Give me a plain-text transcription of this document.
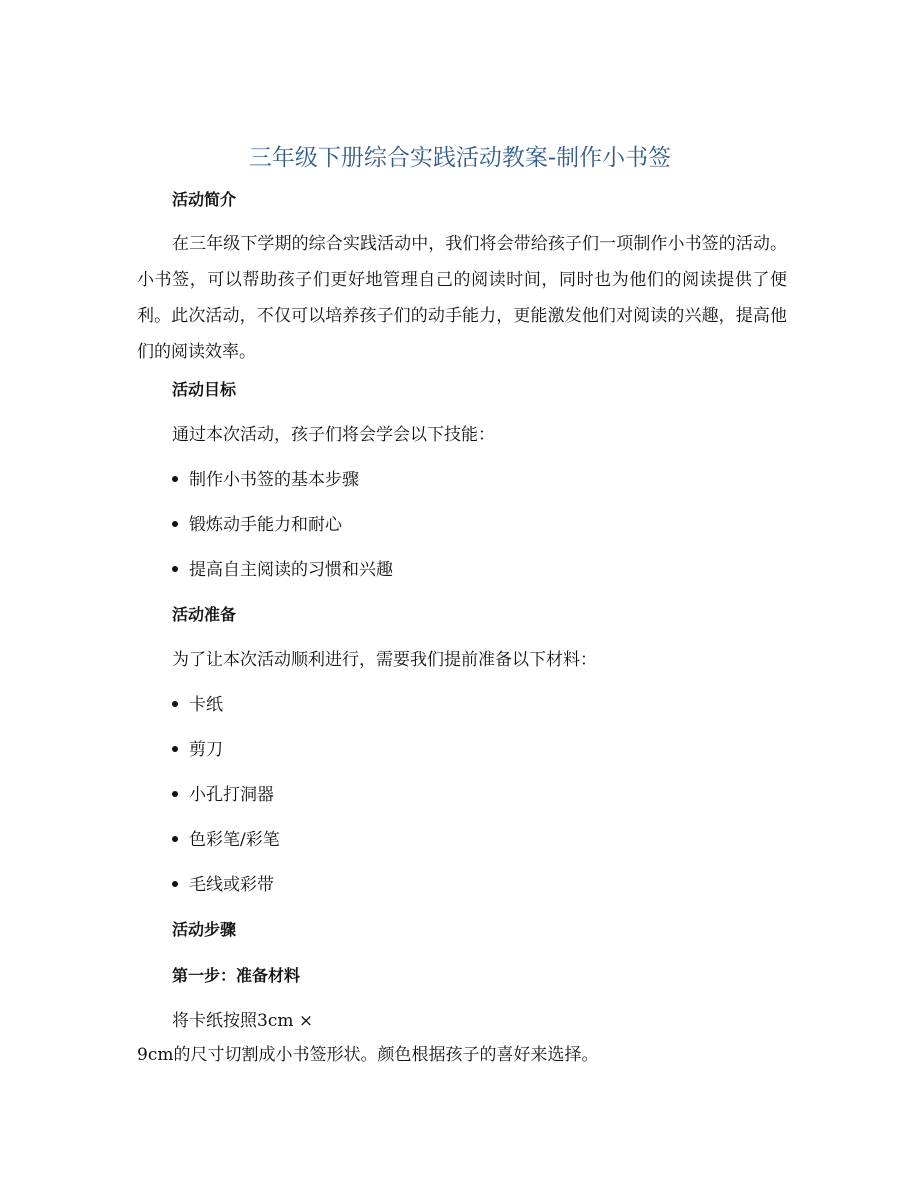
三年级下册综合实践活动教案-制作小书签
活动简介

在三年级下学期的综合实践活动中，我们将会带给孩子们一项制作小书签的活动。小书签，可以帮助孩子们更好地管理自己的阅读时间，同时也为他们的阅读提供了便利。此次活动，不仅可以培养孩子们的动手能力，更能激发他们对阅读的兴趣，提高他们的阅读效率。

活动目标

通过本次活动，孩子们将会学会以下技能：

制作小书签的基本步骤

锻炼动手能力和耐心

提高自主阅读的习惯和兴趣

活动准备

为了让本次活动顺利进行，需要我们提前准备以下材料：

卡纸

剪刀

小孔打洞器

色彩笔/彩笔

毛线或彩带

活动步骤
第一步：准备材料

将卡纸按照3cm ×

9cm的尺寸切割成小书签形状。颜色根据孩子的喜好来选择。
